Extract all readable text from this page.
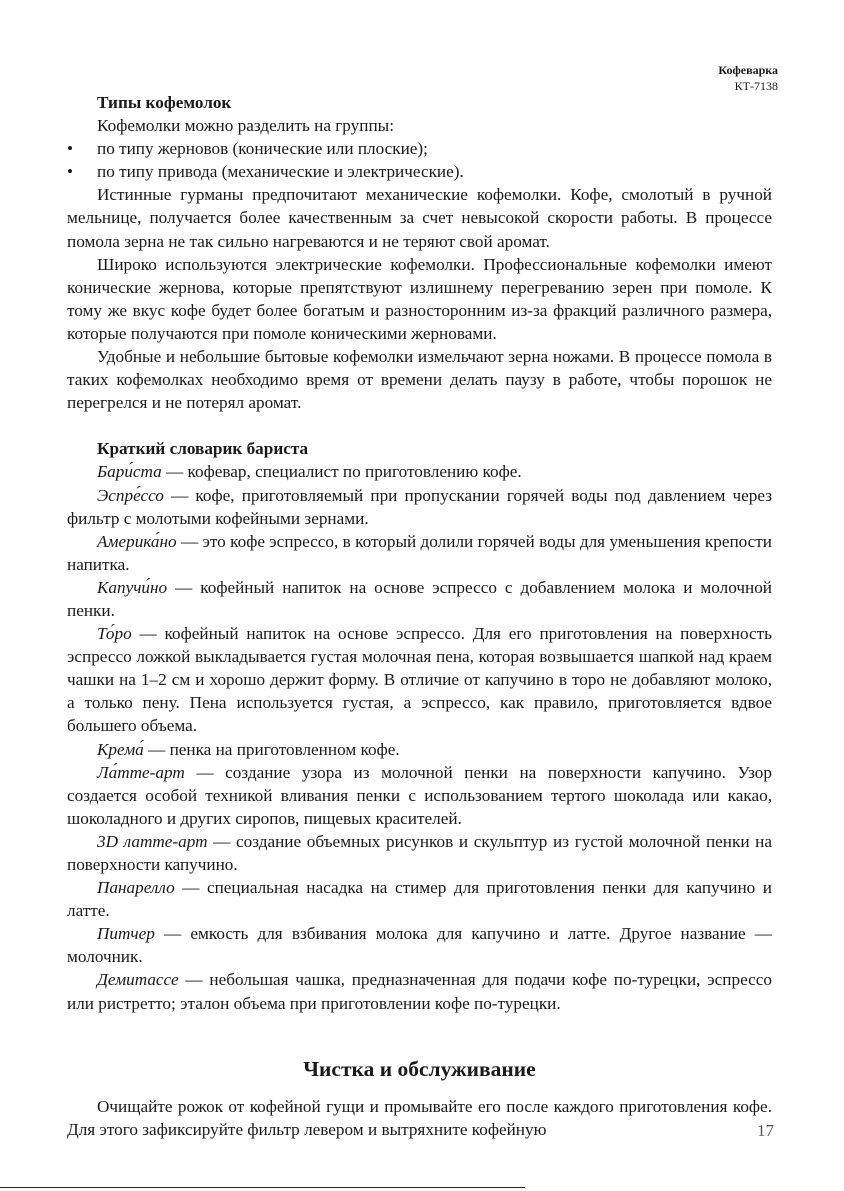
Кофеварка
КТ-7138
Типы кофемолок

Кофемолки можно разделить на группы:

• по типу жерновов (конические или плоские);
• по типу привода (механические и электрические).

Истинные гурманы предпочитают механические кофемолки. Кофе, смолотый в ручной мельнице, получается более качественным за счет невысокой скорости работы. В процессе помола зерна не так сильно нагреваются и не теряют свой аромат.

Широко используются электрические кофемолки. Профессиональные кофемолки имеют конические жернова, которые препятствуют излишнему перегреванию зерен при помоле. К тому же вкус кофе будет более богатым и разносторонним из-за фракций различного размера, которые получаются при помоле коническими жерновами.

Удобные и небольшие бытовые кофемолки измельчают зерна ножами. В процессе помола в таких кофемолках необходимо время от времени делать паузу в работе, чтобы порошок не перегрелся и не потерял аромат.

Краткий словарик бариста

Бари́ста — кофевар, специалист по приготовлению кофе.

Эспре́ссо — кофе, приготовляемый при пропускании горячей воды под давлением через фильтр с молотыми кофейными зернами.

Америка́но — это кофе эспрессо, в который долили горячей воды для уменьшения крепости напитка.

Капучи́но — кофейный напиток на основе эспрессо с добавлением молока и молочной пенки.

То́ро — кофейный напиток на основе эспрессо. Для его приготовления на поверхность эспрессо ложкой выкладывается густая молочная пена, которая возвышается шапкой над краем чашки на 1–2 см и хорошо держит форму. В отличие от капучино в торо не добавляют молоко, а только пену. Пена используется густая, а эспрессо, как правило, приготовляется вдвое большего объема.

Крема́ — пенка на приготовленном кофе.

Ла́тте-арт — создание узора из молочной пенки на поверхности капучино. Узор создается особой техникой вливания пенки с использованием тертого шоколада или какао, шоколадного и других сиропов, пищевых красителей.

3D латте-арт — создание объемных рисунков и скульптур из густой молочной пенки на поверхности капучино.

Панарелло — специальная насадка на стимер для приготовления пенки для капучино и латте.

Питчер — емкость для взбивания молока для капучино и латте. Другое название — молочник.

Демитассе — небольшая чашка, предназначенная для подачи кофе по-турецки, эспрессо или ристретто; эталон объема при приготовлении кофе по-турецки.

Чистка и обслуживание

Очищайте рожок от кофейной гущи и промывайте его после каждого приготовления кофе. Для этого зафиксируйте фильтр левером и вытряхните кофейную	17
